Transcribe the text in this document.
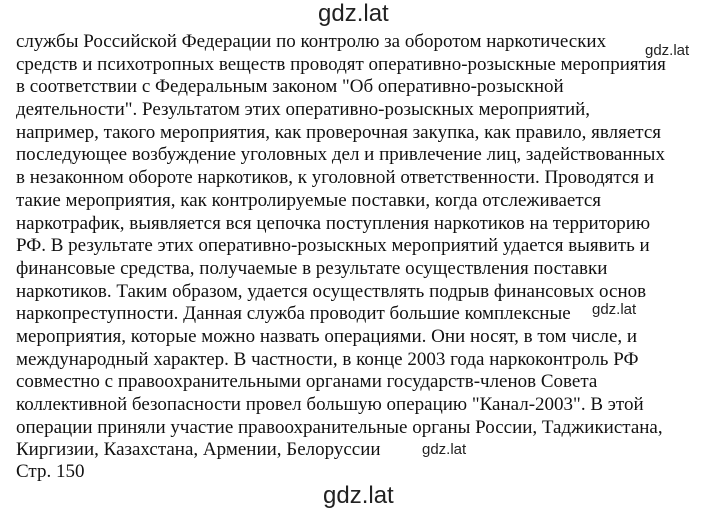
gdz.lat
службы Российской Федерации по контролю за оборотом наркотических
средств и психотропных веществ проводят оперативно-розыскные мероприятия
в соответствии с Федеральным законом "Об оперативно-розыскной
деятельности". Результатом этих оперативно-розыскных мероприятий,
например, такого мероприятия, как проверочная закупка, как правило, является
последующее возбуждение уголовных дел и привлечение лиц, задействованных
в незаконном обороте наркотиков, к уголовной ответственности. Проводятся и
такие мероприятия, как контролируемые поставки, когда отслеживается
наркотрафик, выявляется вся цепочка поступления наркотиков на территорию
РФ. В результате этих оперативно-розыскных мероприятий удается выявить и
финансовые средства, получаемые в результате осуществления поставки
наркотиков. Таким образом, удается осуществлять подрыв финансовых основ
наркопреступности. Данная служба проводит большие комплексные
мероприятия, которые можно назвать операциями. Они носят, в том числе, и
международный характер. В частности, в конце 2003 года наркоконтроль РФ
совместно с правоохранительными органами государств-членов Совета
коллективной безопасности провел большую операцию "Канал-2003". В этой
операции приняли участие правоохранительные органы России, Таджикистана,
Киргизии, Казахстана, Армении, Белоруссии
Стр. 150
gdz.lat
gdz.lat
gdz.lat
gdz.lat
